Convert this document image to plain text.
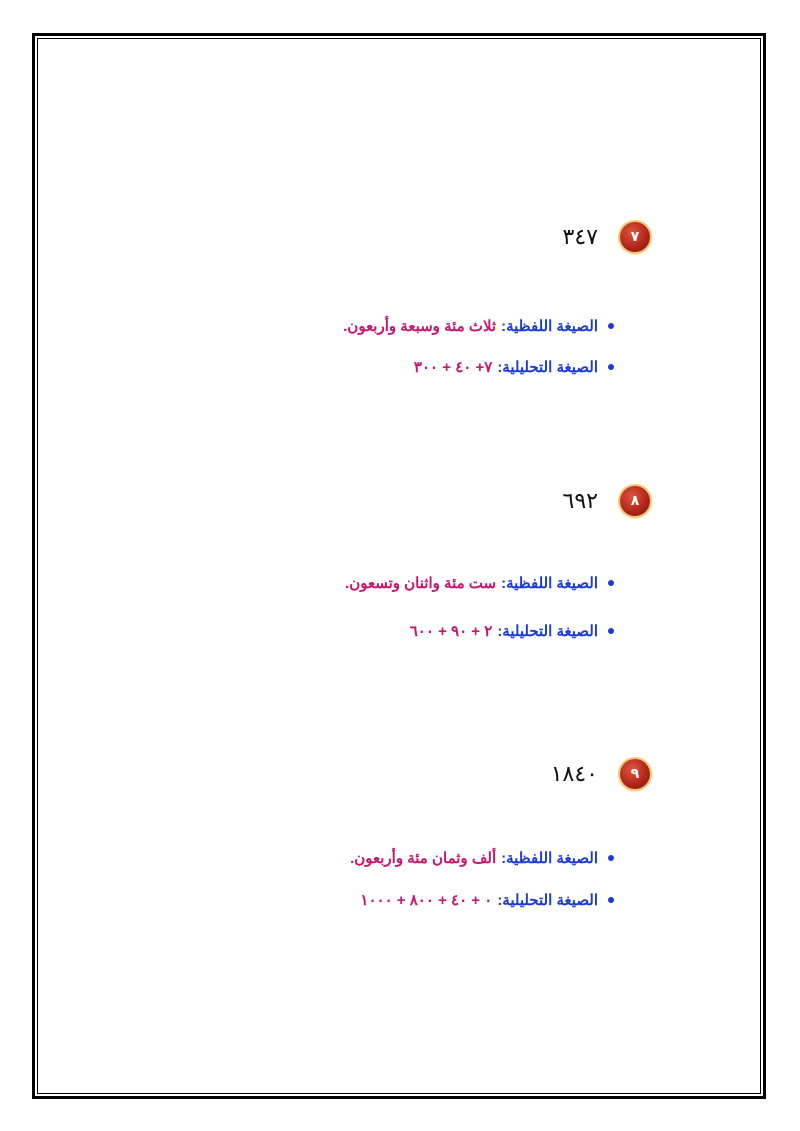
٧
٣٤٧
الصيغة اللفظية:
ثلاث مئة وسبعة وأربعون.
الصيغة التحليلية:
٧+ ٤٠ + ٣٠٠
٨
٦٩٢
الصيغة اللفظية:
ست مئة واثنان وتسعون.
الصيغة التحليلية:
٢ + ٩٠ + ٦٠٠
٩
١٨٤٠
الصيغة اللفظية:
ألف وثمان مئة وأربعون.
الصيغة التحليلية:
٠ + ٤٠ + ٨٠٠ + ١٠٠٠
